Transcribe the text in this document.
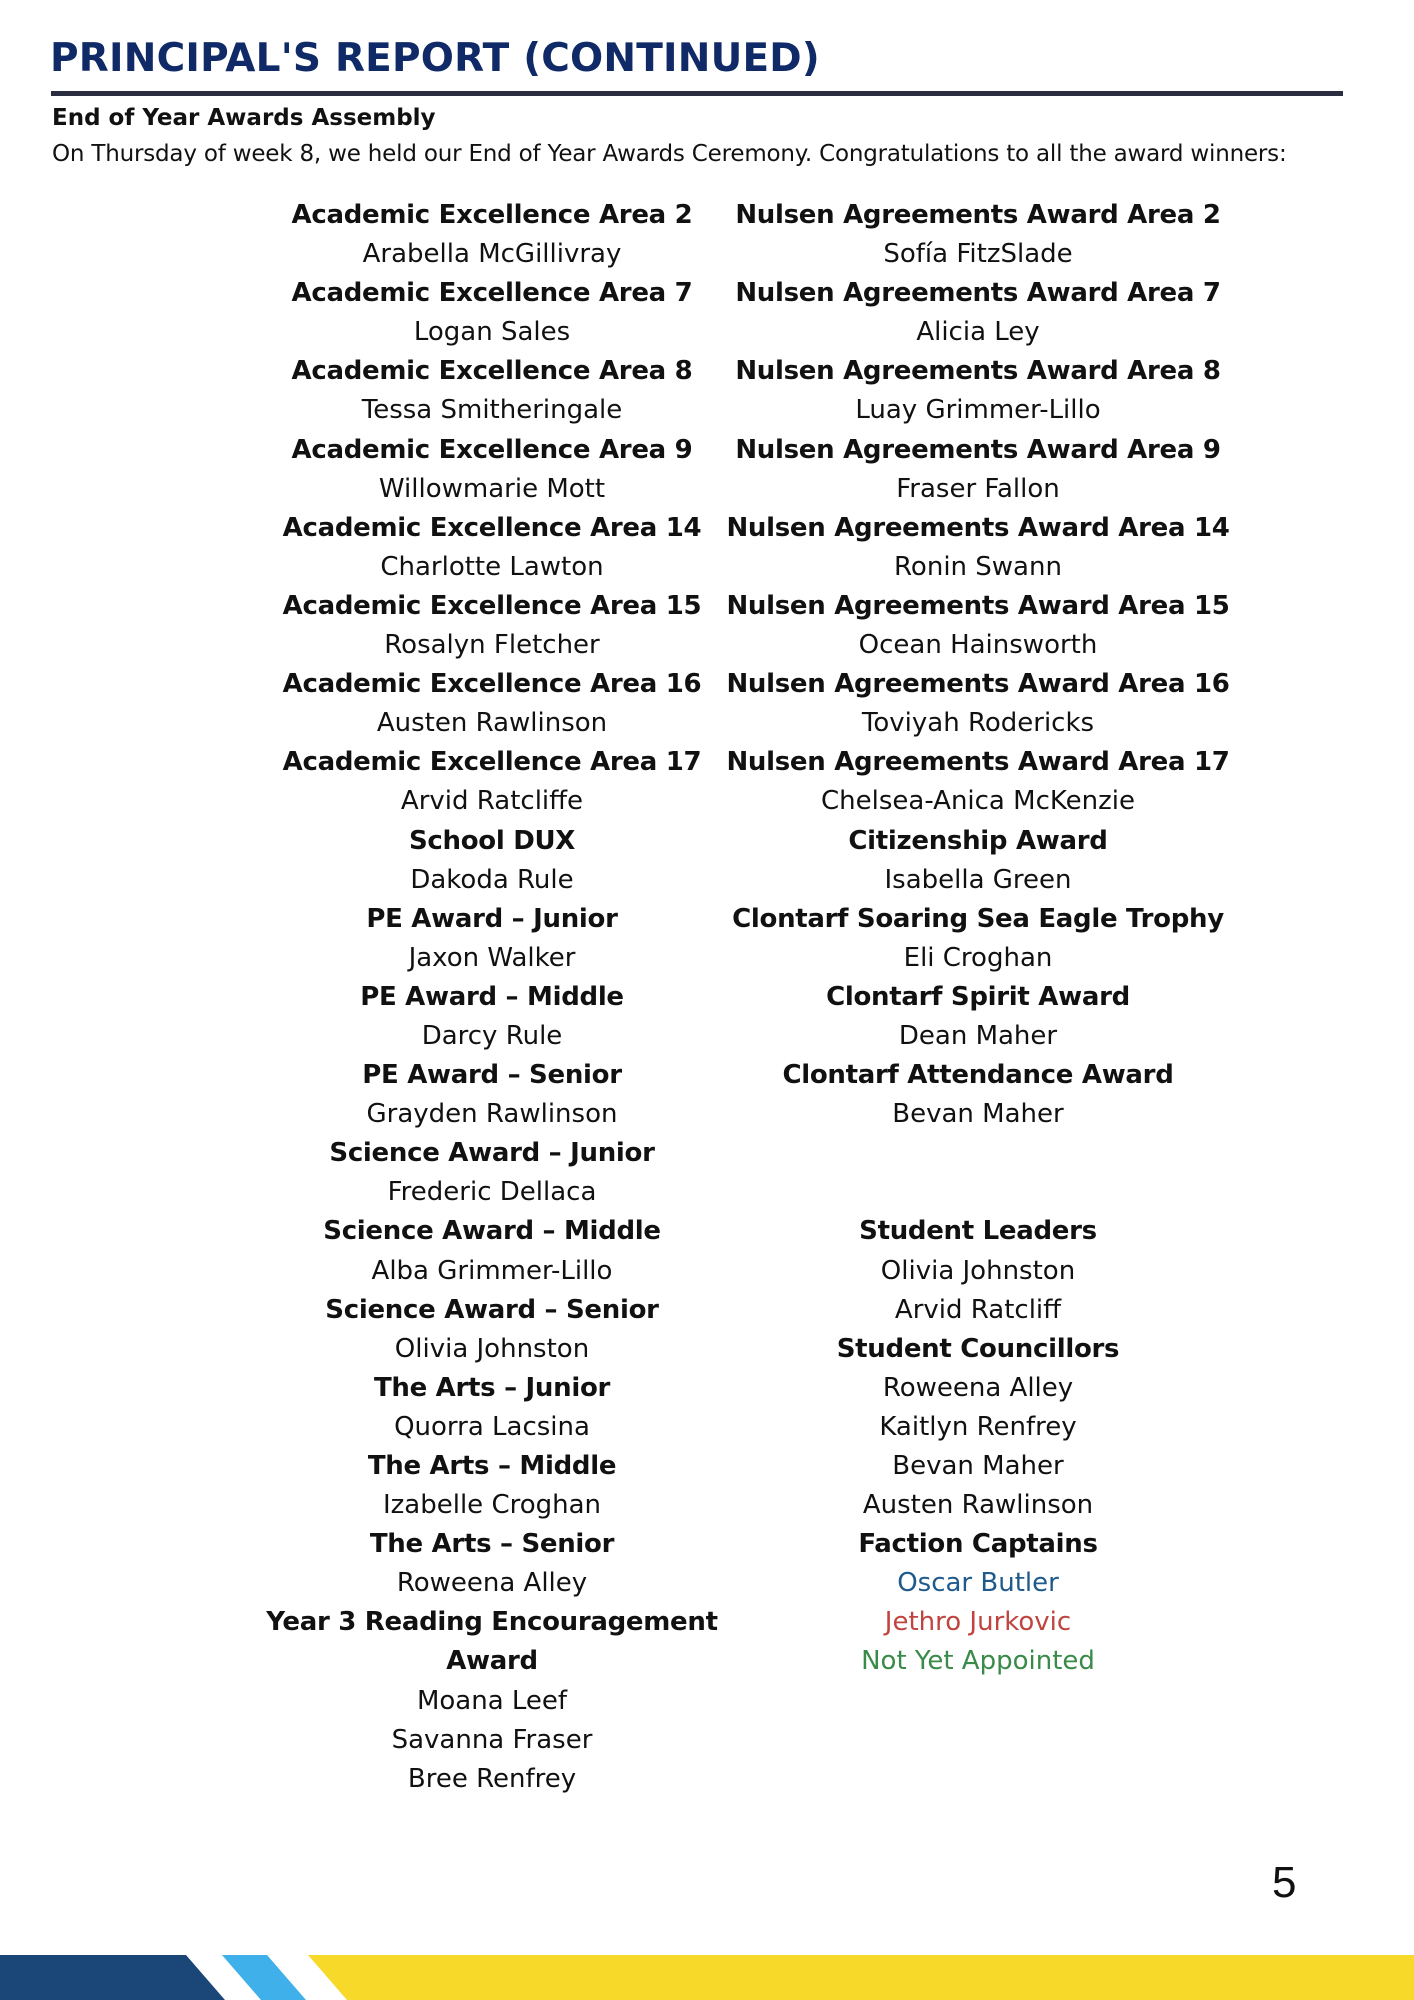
PRINCIPAL'S REPORT (CONTINUED)
End of Year Awards Assembly

On Thursday of week 8, we held our End of Year Awards Ceremony. Congratulations to all the award winners:

Academic Excellence Area 2
Arabella McGillivray
Academic Excellence Area 7
Logan Sales
Academic Excellence Area 8
Tessa Smitheringale
Academic Excellence Area 9
Willowmarie Mott
Academic Excellence Area 14
Charlotte Lawton
Academic Excellence Area 15
Rosalyn Fletcher
Academic Excellence Area 16
Austen Rawlinson
Academic Excellence Area 17
Arvid Ratcliffe
School DUX
Dakoda Rule
PE Award – Junior
Jaxon Walker
PE Award – Middle
Darcy Rule
PE Award – Senior
Grayden Rawlinson
Science Award – Junior
Frederic Dellaca
Science Award – Middle
Alba Grimmer-Lillo
Science Award – Senior
Olivia Johnston
The Arts – Junior
Quorra Lacsina
The Arts – Middle
Izabelle Croghan
The Arts – Senior
Roweena Alley
Year 3 Reading Encouragement
Award
Moana Leef
Savanna Fraser
Bree Renfrey
Nulsen Agreements Award Area 2
Sofía FitzSlade
Nulsen Agreements Award Area 7
Alicia Ley
Nulsen Agreements Award Area 8
Luay Grimmer-Lillo
Nulsen Agreements Award Area 9
Fraser Fallon
Nulsen Agreements Award Area 14
Ronin Swann
Nulsen Agreements Award Area 15
Ocean Hainsworth
Nulsen Agreements Award Area 16
Toviyah Rodericks
Nulsen Agreements Award Area 17
Chelsea-Anica McKenzie
Citizenship Award
Isabella Green
Clontarf Soaring Sea Eagle Trophy
Eli Croghan
Clontarf Spirit Award
Dean Maher
Clontarf Attendance Award
Bevan Maher
Student Leaders
Olivia Johnston
Arvid Ratcliff
Student Councillors
Roweena Alley
Kaitlyn Renfrey
Bevan Maher
Austen Rawlinson
Faction Captains
Oscar Butler
Jethro Jurkovic
Not Yet Appointed
5
